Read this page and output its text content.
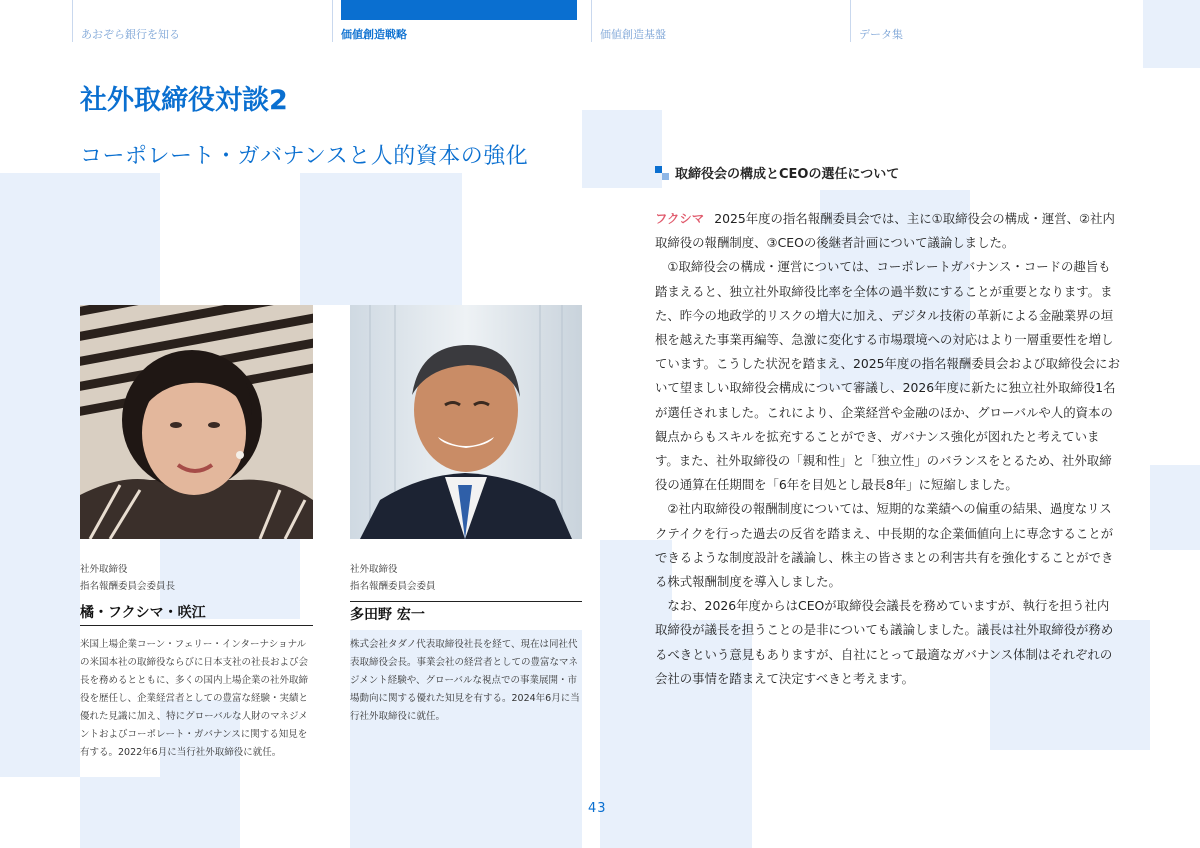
あおぞら銀行を知る	価値創造戦略	価値創造基盤	データ集
社外取締役対談2
コーポレート・ガバナンスと人的資本の強化
社外取締役
指名報酬委員会委員長
橘・フクシマ・咲江
米国上場企業コーン・フェリー・インターナショナルの米国本社の取締役ならびに日本支社の社長および会長を務めるとともに、多くの国内上場企業の社外取締役を歴任し、企業経営者としての豊富な経験・実績と優れた見識に加え、特にグローバルな人財のマネジメントおよびコーポレート・ガバナンスに関する知見を有する。2022年6月に当行社外取締役に就任。
社外取締役
指名報酬委員会委員
多田野 宏一
株式会社タダノ代表取締役社長を経て、現在は同社代表取締役会長。事業会社の経営者としての豊富なマネジメント経験や、グローバルな視点での事業展開・市場動向に関する優れた知見を有する。2024年6月に当行社外取締役に就任。
取締役会の構成とCEOの選任について

フクシマ 2025年度の指名報酬委員会では、主に①取締役会の構成・運営、②社内取締役の報酬制度、③CEOの後継者計画について議論しました。

①取締役会の構成・運営については、コーポレートガバナンス・コードの趣旨も踏まえると、独立社外取締役比率を全体の過半数にすることが重要となります。また、昨今の地政学的リスクの増大に加え、デジタル技術の革新による金融業界の垣根を越えた事業再編等、急激に変化する市場環境への対応はより一層重要性を増しています。こうした状況を踏まえ、2025年度の指名報酬委員会および取締役会において望ましい取締役会構成について審議し、2026年度に新たに独立社外取締役1名が選任されました。これにより、企業経営や金融のほか、グローバルや人的資本の観点からもスキルを拡充することができ、ガバナンス強化が図れたと考えています。また、社外取締役の「親和性」と「独立性」のバランスをとるため、社外取締役の通算在任期間を「6年を目処とし最長8年」に短縮しました。

②社内取締役の報酬制度については、短期的な業績への偏重の結果、過度なリスクテイクを行った過去の反省を踏まえ、中長期的な企業価値向上に専念することができるような制度設計を議論し、株主の皆さまとの利害共有を強化することができる株式報酬制度を導入しました。

なお、2026年度からはCEOが取締役会議長を務めていますが、執行を担う社内取締役が議長を担うことの是非についても議論しました。議長は社外取締役が務めるべきという意見もありますが、自社にとって最適なガバナンス体制はそれぞれの会社の事情を踏まえて決定すべきと考えます。

43
